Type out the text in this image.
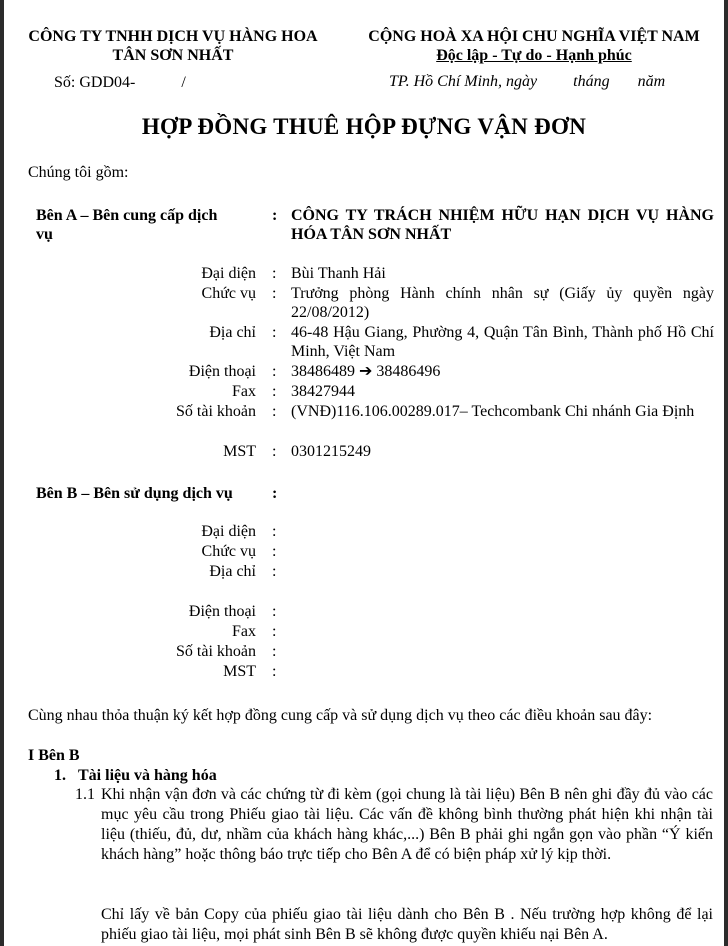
CÔNG TY TNHH DỊCH VỤ HÀNG HOA
TÂN SƠN NHẤT
Số: GDD04-	/
CỘNG HOÀ XA HỘI CHU NGHĨA VIỆT NAM
Độc lập - Tự do - Hạnh phúc
TP. Hồ Chí Minh, ngày tháng năm
HỢP ĐỒNG THUÊ HỘP ĐỰNG VẬN ĐƠN
Chúng tôi gồm:
Bên A – Bên cung cấp dịch
vụ
: CÔNG TY TRÁCH NHIỆM HỮU HẠN DỊCH VỤ HÀNG HÓA TÂN SƠN NHẤT
Đại diện : Bùi Thanh Hải
Chức vụ : Trưởng phòng Hành chính nhân sự (Giấy ủy quyền ngày 22/08/2012)
Địa chỉ : 46-48 Hậu Giang, Phường 4, Quận Tân Bình, Thành phố Hồ Chí Minh, Việt Nam
Điện thoại : 38486489 ➔ 38486496
Fax : 38427944
Số tài khoản : (VNĐ)116.106.00289.017– Techcombank Chi nhánh Gia Định
MST : 0301215249
Bên B – Bên sử dụng dịch vụ :
Đại diện :
Chức vụ :
Địa chỉ :
Điện thoại :
Fax :
Số tài khoản :
MST :
Cùng nhau thỏa thuận ký kết hợp đồng cung cấp và sử dụng dịch vụ theo các điều khoản sau đây:
I Bên B
1. Tài liệu và hàng hóa
1.1 Khi nhận vận đơn và các chứng từ đi kèm (gọi chung là tài liệu) Bên B nên ghi đầy đủ vào các mục yêu cầu trong Phiếu giao tài liệu. Các vấn đề không bình thường phát hiện khi nhận tài liệu (thiếu, đủ, dư, nhầm của khách hàng khác,...) Bên B phải ghi ngắn gọn vào phần “Ý kiến khách hàng” hoặc thông báo trực tiếp cho Bên A để có biện pháp xử lý kịp thời.
Chỉ lấy về bản Copy của phiếu giao tài liệu dành cho Bên B . Nếu trường hợp không để lại phiếu giao tài liệu, mọi phát sinh Bên B sẽ không được quyền khiếu nại Bên A.
